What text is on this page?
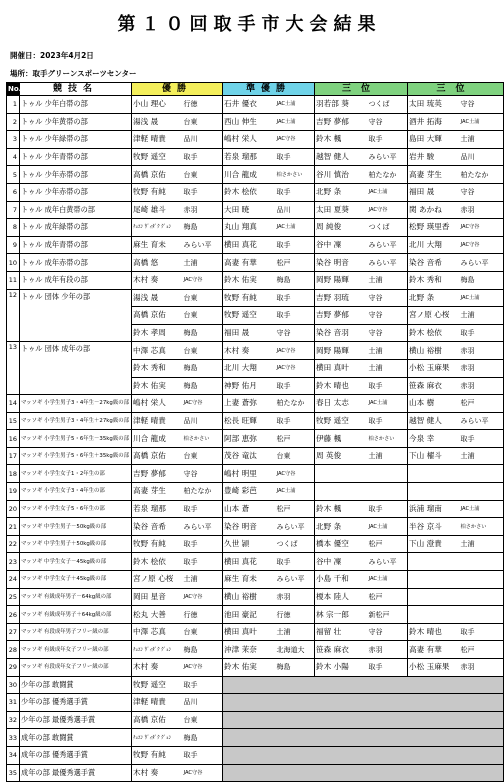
第１０回取手市大会結果
開催日：2023年4月2日
場所：取手グリーンスポーツセンター
No.	競技名	優勝		準優勝		三位		三位	
1	トゥル 少年白帯の部	小山 理心	行徳	石井 優衣	JAC土浦	羽若部 葵	つくば	太田 琉英	守谷
2	トゥル 少年黄帯の部	湯浅 晟	台東	西山 伸生	JAC土浦	吉野 夢郁	守谷	酒井 拓海	JAC土浦
3	トゥル 少年緑帯の部	津軽 晴貴	品川	嶋村 栄人	JAC守谷	鈴木 楓	取手	島田 大輝	土浦
4	トゥル 少年青帯の部	牧野 遥空	取手	若泉 瑠那	取手	越智 健人	みらい平	岩井 駿	品川
5	トゥル 少年赤帯の部	高橋 京佑	台東	川合 龍成	柏さかさい	谷川 慎治	柏たなか	高妻 芽生	柏たなか
6	トゥル 少年赤帯の部	牧野 有純	取手	鈴木 桧依	取手	北野 条	JAC土浦	福田 晟	守谷
7	トゥル 成年白黄帯の部	尾崎 雄斗	赤羽	大田 暁	品川	太田 夏葵	JAC守谷	関 あかね	赤羽
8	トゥル 成年緑帯の部	ﾁｭｴﾝ ｳﾞｨﾀﾞｸ ｸﾞｪﾝ	梅島	丸山 翔真	JAC土浦	周 純俊	つくば	松野 瑛里香	JAC守谷
9	トゥル 成年青帯の部	麻生 育未	みらい平	横田 真花	取手	谷中 凜	みらい平	北川 大翔	JAC守谷
10	トゥル 成年赤帯の部	高橋 悠	土浦	高妻 有華	松戸	染谷 明音	みらい平	染谷 音希	みらい平
11	トゥル 成年有段の部	木村 奏	JAC守谷	鈴木 佑実	梅島	岡野 陽輝	土浦	鈴木 秀和	梅島
12	トゥル 団体 少年の部	湯浅 晟	台東	牧野 有純	取手	吉野 羽琉	守谷	北野 条	JAC土浦
		高橋 京佑	台東	牧野 遥空	取手	吉野 夢郁	守谷	宮ノ原 心桜	土浦
		鈴木 孝周	梅島	福田 晟	守谷	染谷 音羽	守谷	鈴木 桧依	取手
13	トゥル 団体 成年の部	中澤 芯真	台東	木村 奏	JAC守谷	岡野 陽輝	土浦	横山 裕樹	赤羽
		鈴木 秀和	梅島	北川 大翔	JAC守谷	横田 真叶	土浦	小松 玉麻果	赤羽
		鈴木 佑実	梅島	神野 佑月	取手	鈴木 晴也	取手	笹森 麻衣	赤羽
14	マッソギ 小学生男子3・4年生－27kg級の部	嶋村 栄人	JAC守谷	上妻 蒼弥	柏たなか	春日 太志	JAC土浦	山本 樹	松戸
15	マッソギ 小学生男子3・4年生＋27kg級の部	津軽 晴貴	品川	松長 旺輝	取手	牧野 遥空	取手	越智 健人	みらい平
16	マッソギ 小学生男子5・6年生－35kg級の部	川合 龍成	柏さかさい	阿部 恵弥	松戸	伊藤 楓	柏さかさい	今泉 幸	取手
17	マッソギ 小学生男子5・6年生＋35kg級の部	高橋 京佑	台東	茂谷 竜汰	台東	周 英俊	土浦	下山 櫂斗	土浦
18	マッソギ 小学生女子1・2年生の部	吉野 夢郁	守谷	嶋村 明里	JAC守谷				
19	マッソギ 小学生女子3・4年生の部	高妻 芽生	柏たなか	豊崎 彩芭	JAC土浦				
20	マッソギ 小学生女子5・6年生の部	若泉 瑠那	取手	山本 蒼	松戸	鈴木 楓	取手	浜浦 瑠南	JAC土浦
21	マッソギ 中学生男子－50kg級の部	染谷 音希	みらい平	染谷 明音	みらい平	北野 条	JAC土浦	半谷 京斗	柏さかさい
22	マッソギ 中学生男子＋50kg級の部	牧野 有純	取手	久世 頴	つくば	橋本 優空	松戸	下山 澄貴	土浦
23	マッソギ 中学生女子－45kg級の部	鈴木 桧依	取手	横田 真花	取手	谷中 凜	みらい平		
24	マッソギ 中学生女子＋45kg級の部	宮ノ原 心桜	土浦	麻生 育未	みらい平	小島 千和	JAC土浦		
25	マッソギ 有級成年男子－64kg級の部	岡田 星音	JAC守谷	横山 裕樹	赤羽	榎本 陸人	松戸		
26	マッソギ 有級成年男子＋64kg級の部	松丸 大善	行徳	池田 豪記	行徳	林 宗一郎	新松戸		
27	マッソギ 有段成年男子フリー級の部	中澤 芯真	台東	横田 真叶	土浦	福留 壮	守谷	鈴木 晴也	取手
28	マッソギ 有級成年女子フリー級の部	ﾁｭｴﾝ ｳﾞｨﾀﾞｸ ｸﾞｪﾝ	梅島	沖津 茉奈	北海道大	笹森 麻衣	赤羽	高妻 有華	松戸
29	マッソギ 有段成年女子フリー級の部	木村 奏	JAC守谷	鈴木 佑実	梅島	鈴木 小陽	取手	小松 玉麻果	赤羽
30	少年の部 敢闘賞	牧野 遥空	取手						
31	少年の部 優秀選手賞	津軽 晴貴	品川						
32	少年の部 最優秀選手賞	高橋 京佑	台東						
33	成年の部 敢闘賞	ﾁｭｴﾝ ｳﾞｨﾀﾞｸ ｸﾞｪﾝ	梅島						
34	成年の部 優秀選手賞	牧野 有純	取手						
35	成年の部 最優秀選手賞	木村 奏	JAC守谷						
